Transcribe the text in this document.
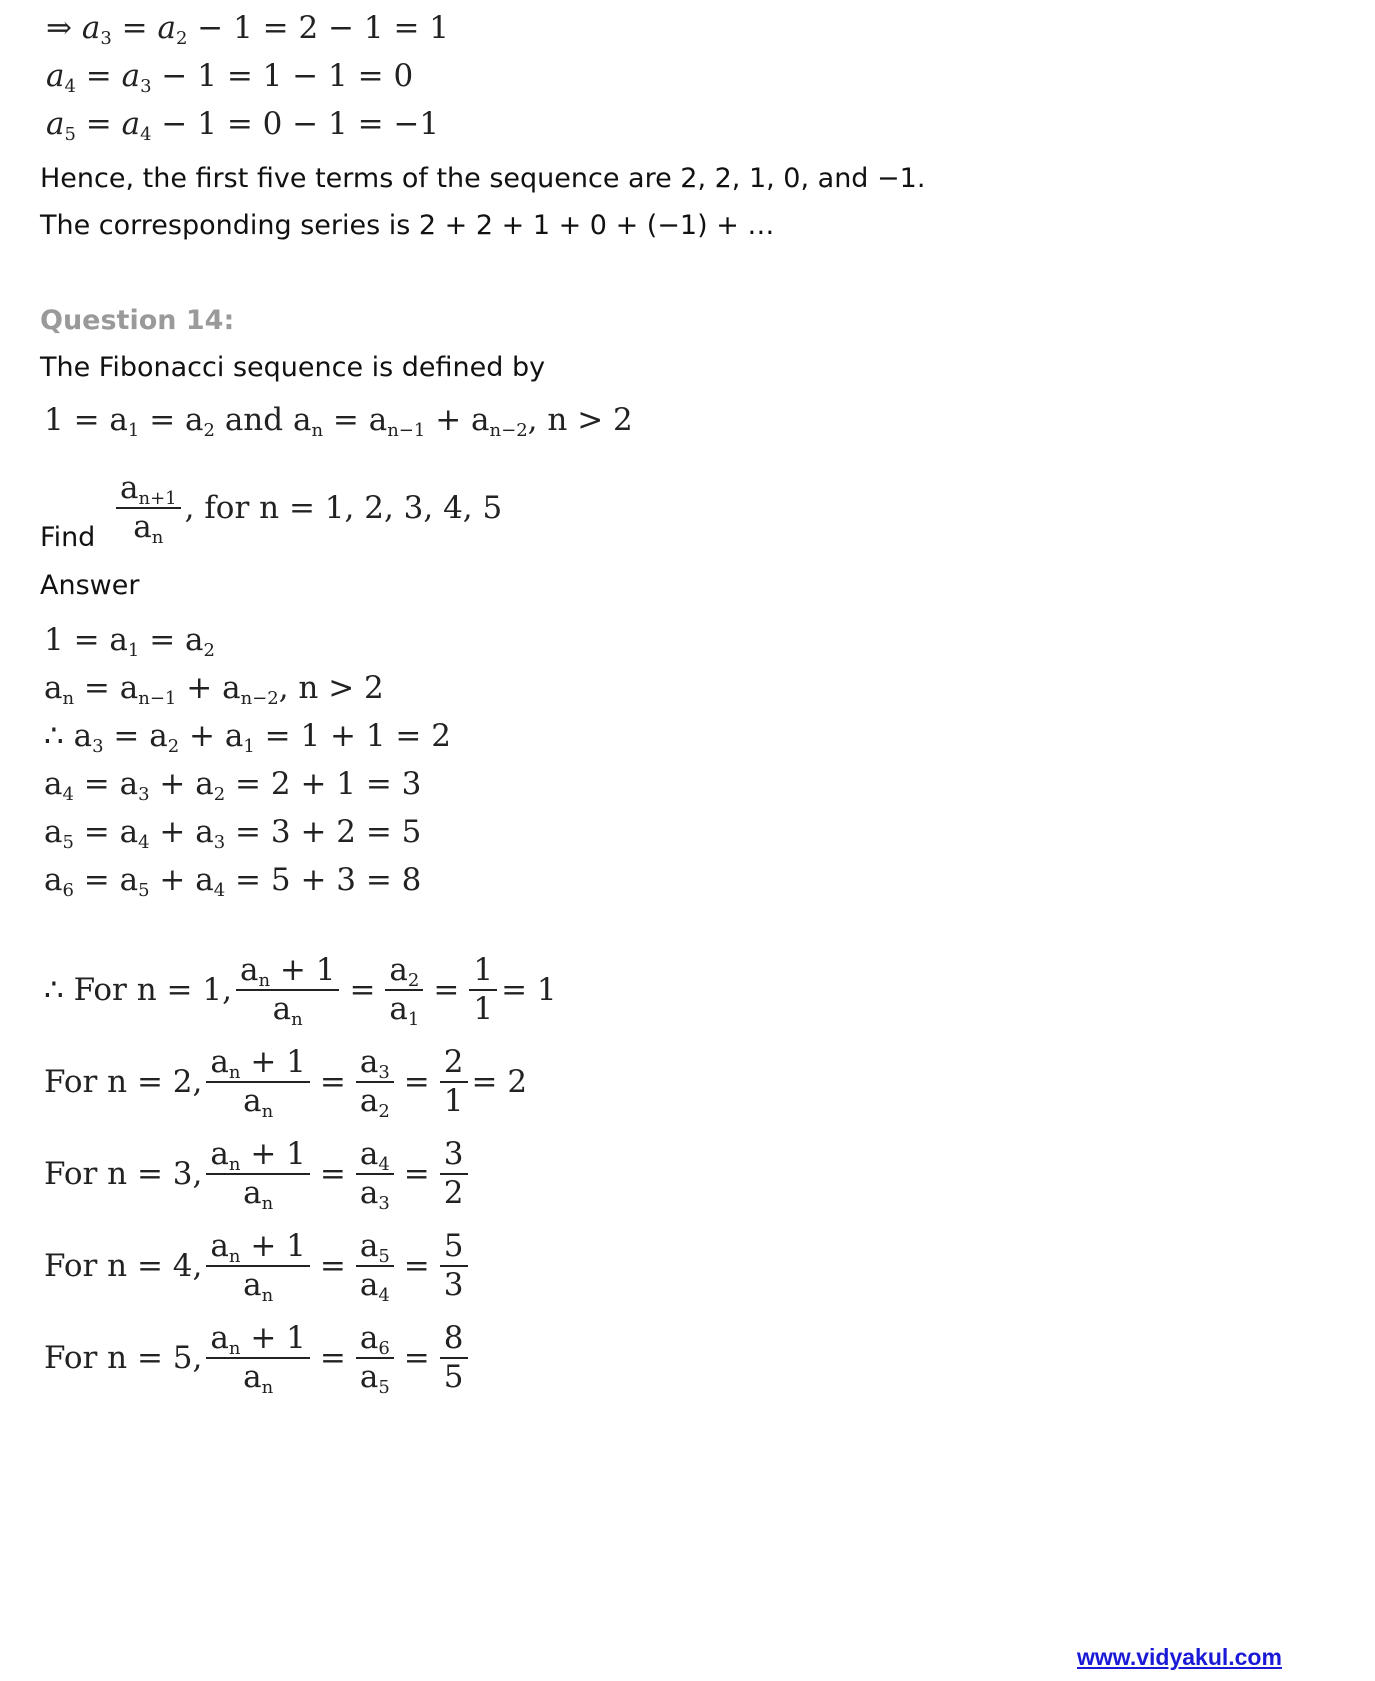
⇒ $a_3 = a_2 - 1 = 2 - 1 = 1$
$a_4 = a_3 - 1 = 1 - 1 = 0$
$a_5 = a_4 - 1 = 0 - 1 = -1$
Hence, the first five terms of the sequence are 2, 2, 1, 0, and −1.
The corresponding series is 2 + 2 + 1 + 0 + (−1) + …
Question 14:
The Fibonacci sequence is defined by
$1 = a_1 = a_2$ and $a_n = a_{n-1} + a_{n-2}$, n > 2
Find $\frac{a_{n+1}}{a_n}$ , for n = 1, 2, 3, 4, 5
Answer
$1 = a_1 = a_2$
$a_n = a_{n-1} + a_{n-2}$, n > 2
∴ $a_3 = a_2 + a_1 = 1 + 1 = 2$
$a_4 = a_3 + a_2 = 2 + 1 = 3$
$a_5 = a_4 + a_3 = 3 + 2 = 5$
$a_6 = a_5 + a_4 = 5 + 3 = 8$
∴ For n = 1, $\frac{a_n + 1}{a_n} = \frac{a_2}{a_1} = \frac{1}{1} = 1$
For n = 2, $\frac{a_n + 1}{a_n} = \frac{a_3}{a_2} = \frac{2}{1} = 2$
For n = 3, $\frac{a_n + 1}{a_n} = \frac{a_4}{a_3} = \frac{3}{2}$
For n = 4, $\frac{a_n + 1}{a_n} = \frac{a_5}{a_4} = \frac{5}{3}$
For n = 5, $\frac{a_n + 1}{a_n} = \frac{a_6}{a_5} = \frac{8}{5}$
www.vidyakul.com
